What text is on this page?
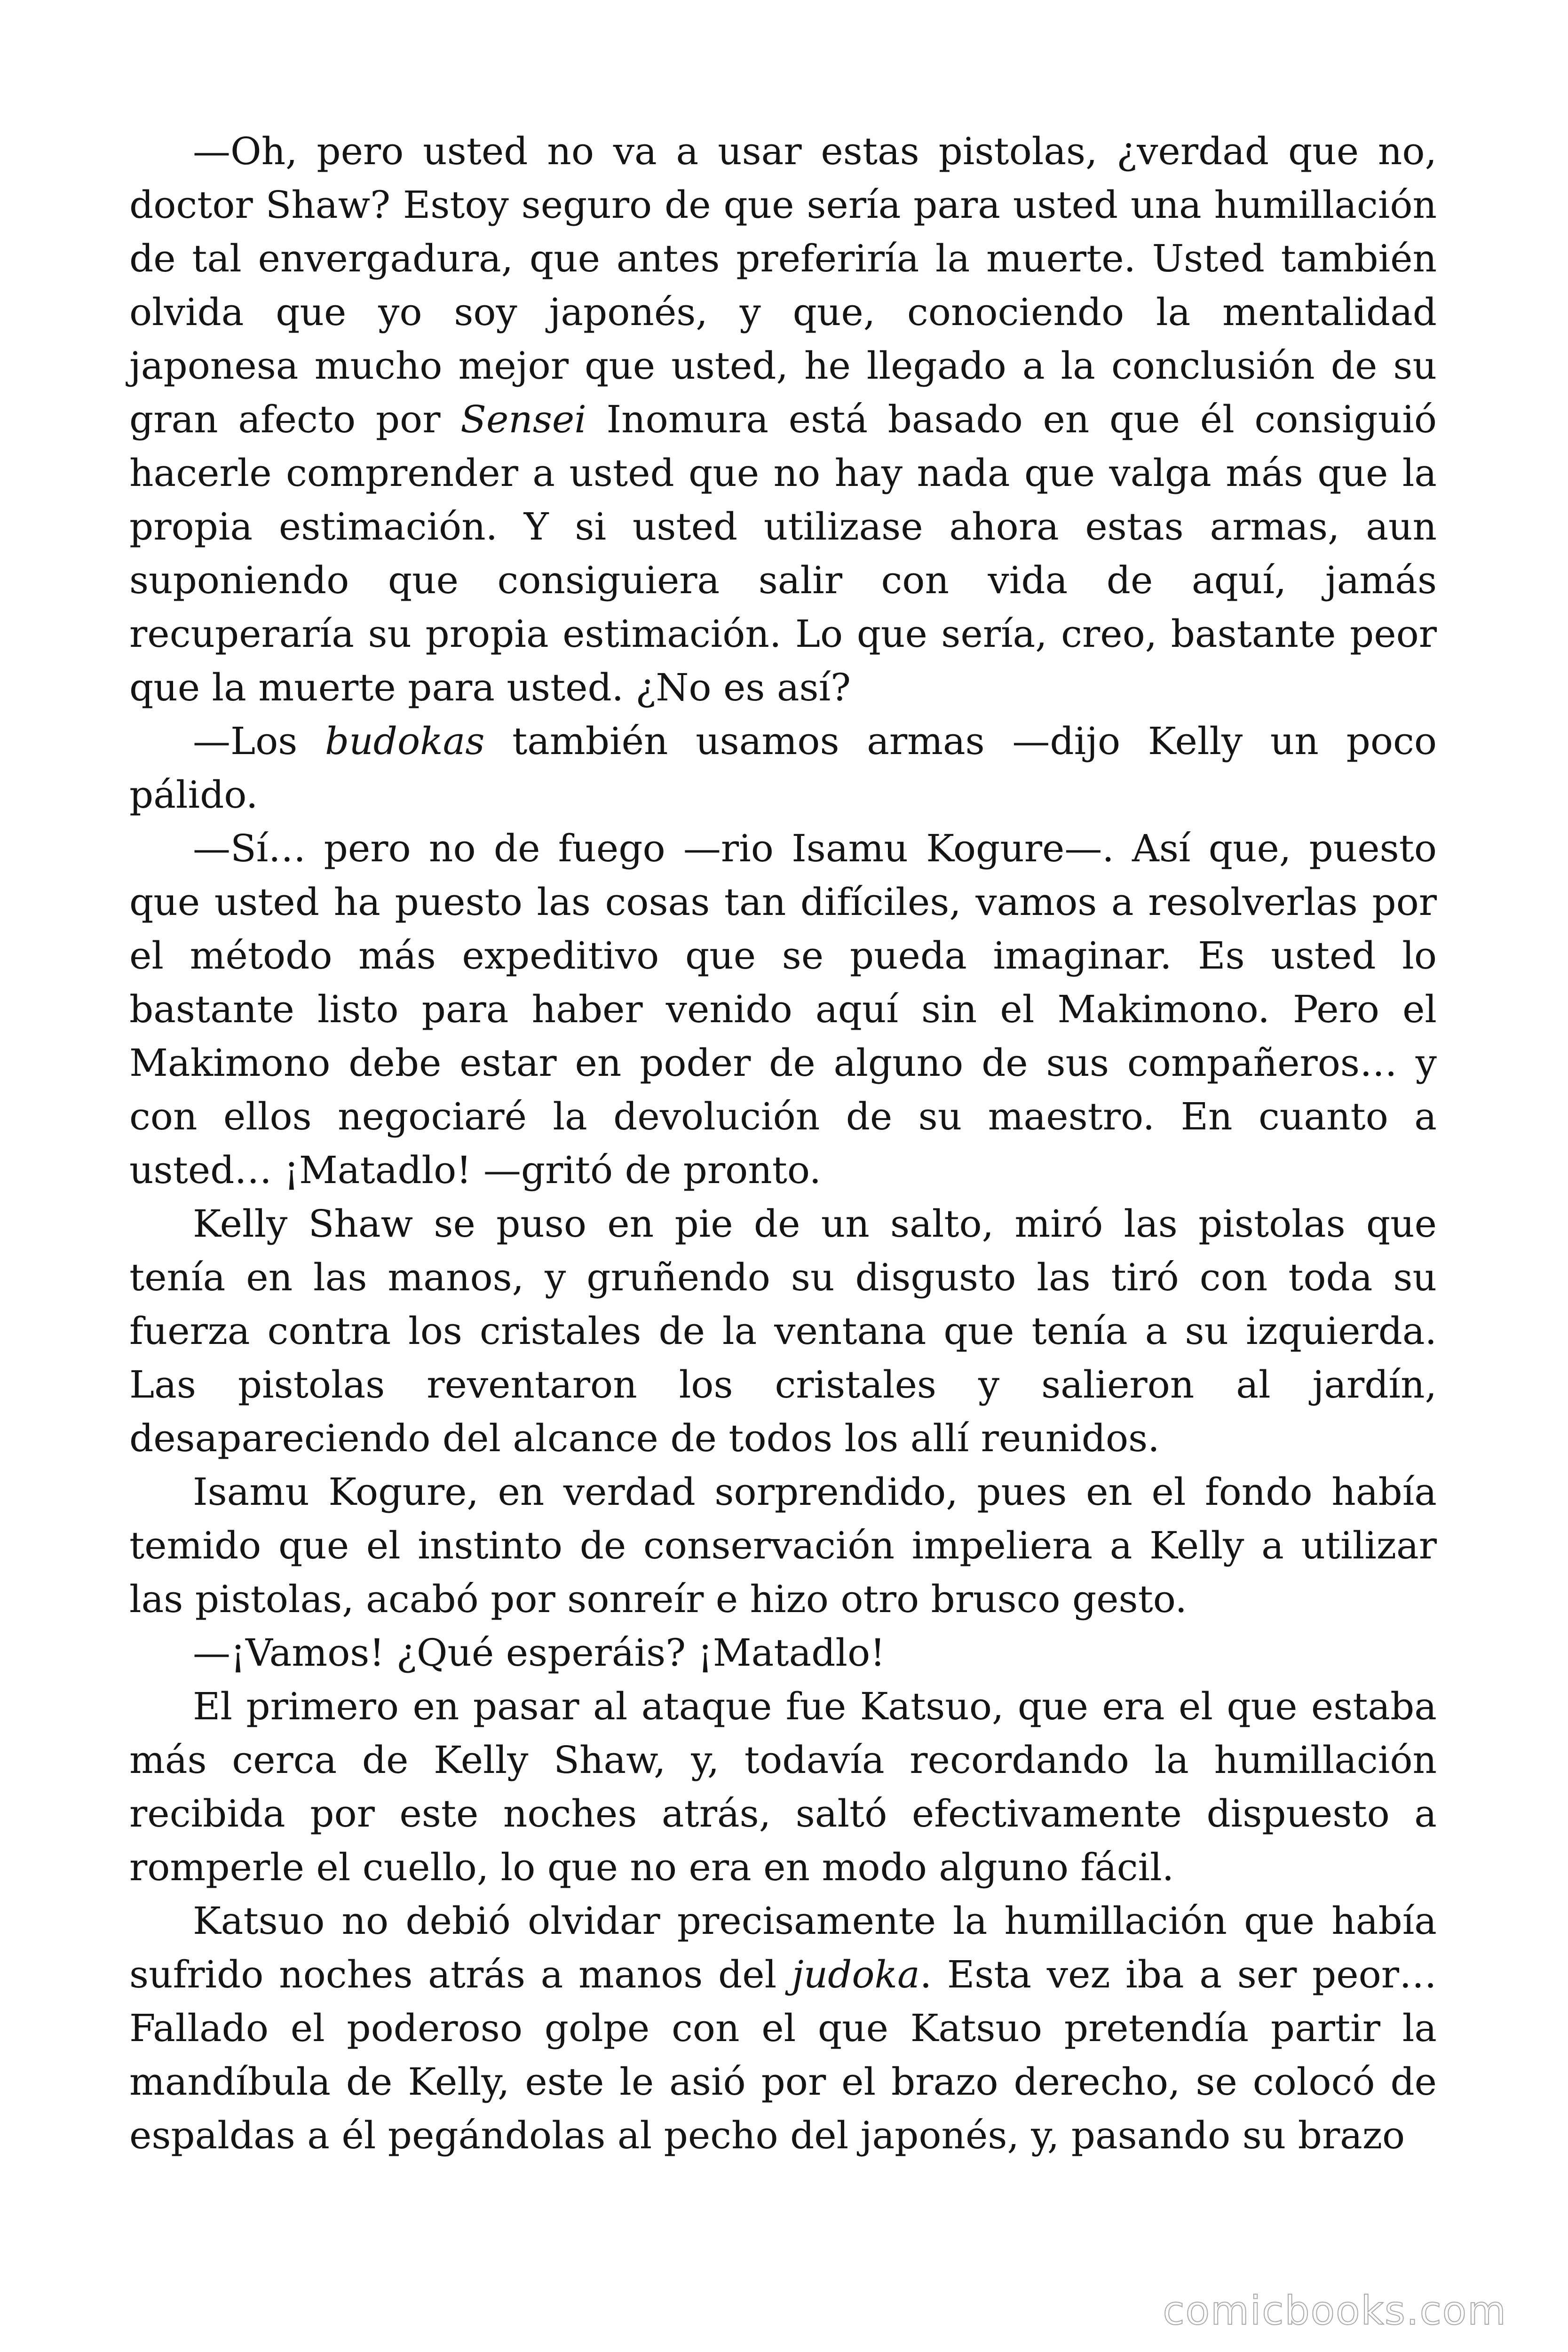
—Oh, pero usted no va a usar estas pistolas, ¿verdad que no, doctor Shaw? Estoy seguro de que sería para usted una humillación de tal envergadura, que antes preferiría la muerte. Usted también olvida que yo soy japonés, y que, conociendo la mentalidad japonesa mucho mejor que usted, he llegado a la conclusión de su gran afecto por Sensei Inomura está basado en que él consiguió hacerle comprender a usted que no hay nada que valga más que la propia estimación. Y si usted utilizase ahora estas armas, aun suponiendo que consiguiera salir con vida de aquí, jamás recuperaría su propia estimación. Lo que sería, creo, bastante peor que la muerte para usted. ¿No es así?

—Los budokas también usamos armas —dijo Kelly un poco pálido.

—Sí… pero no de fuego —rio Isamu Kogure—. Así que, puesto que usted ha puesto las cosas tan difíciles, vamos a resolverlas por el método más expeditivo que se pueda imaginar. Es usted lo bastante listo para haber venido aquí sin el Makimono. Pero el Makimono debe estar en poder de alguno de sus compañeros… y con ellos negociaré la devolución de su maestro. En cuanto a usted… ¡Matadlo! —gritó de pronto.

Kelly Shaw se puso en pie de un salto, miró las pistolas que tenía en las manos, y gruñendo su disgusto las tiró con toda su fuerza contra los cristales de la ventana que tenía a su izquierda. Las pistolas reventaron los cristales y salieron al jardín, desapareciendo del alcance de todos los allí reunidos.

Isamu Kogure, en verdad sorprendido, pues en el fondo había temido que el instinto de conservación impeliera a Kelly a utilizar las pistolas, acabó por sonreír e hizo otro brusco gesto.

—¡Vamos! ¿Qué esperáis? ¡Matadlo!

El primero en pasar al ataque fue Katsuo, que era el que estaba más cerca de Kelly Shaw, y, todavía recordando la humillación recibida por este noches atrás, saltó efectivamente dispuesto a romperle el cuello, lo que no era en modo alguno fácil.

Katsuo no debió olvidar precisamente la humillación que había sufrido noches atrás a manos del judoka. Esta vez iba a ser peor… Fallado el poderoso golpe con el que Katsuo pretendía partir la mandíbula de Kelly, este le asió por el brazo derecho, se colocó de espaldas a él pegándolas al pecho del japonés, y, pasando su brazo

comicbooks.com
